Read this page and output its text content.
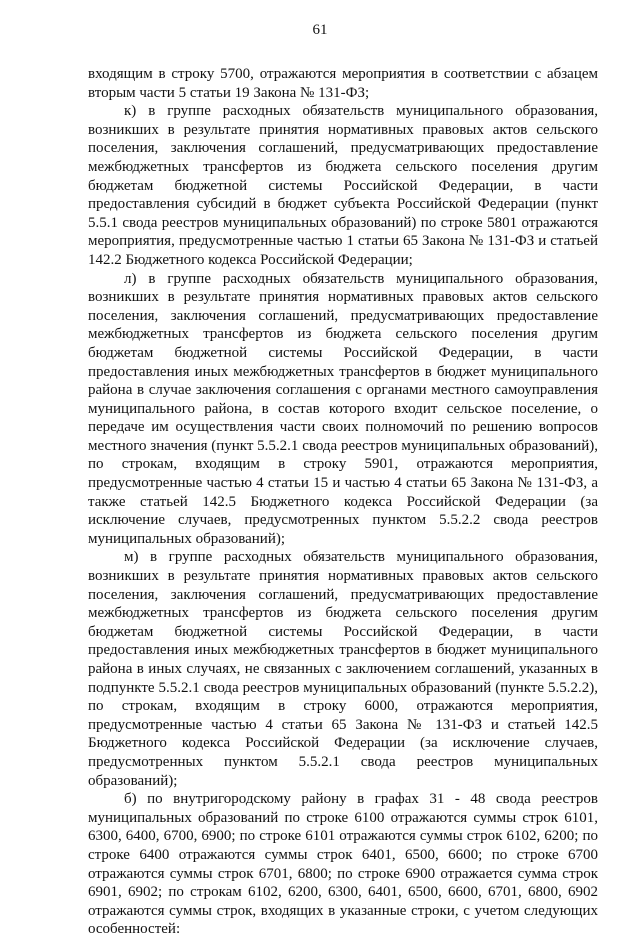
61

входящим в строку 5700, отражаются мероприятия в соответствии с абзацем вторым части 5 статьи 19 Закона № 131-ФЗ;

к) в группе расходных обязательств муниципального образования, возникших в результате принятия нормативных правовых актов сельского поселения, заключения соглашений, предусматривающих предоставление межбюджетных трансфертов из бюджета сельского поселения другим бюджетам бюджетной системы Российской Федерации, в части предоставления субсидий в бюджет субъекта Российской Федерации (пункт 5.5.1 свода реестров муниципальных образований) по строке 5801 отражаются мероприятия, предусмотренные частью 1 статьи 65 Закона № 131-ФЗ и статьей 142.2 Бюджетного кодекса Российской Федерации;

л) в группе расходных обязательств муниципального образования, возникших в результате принятия нормативных правовых актов сельского поселения, заключения соглашений, предусматривающих предоставление межбюджетных трансфертов из бюджета сельского поселения другим бюджетам бюджетной системы Российской Федерации, в части предоставления иных межбюджетных трансфертов в бюджет муниципального района в случае заключения соглашения с органами местного самоуправления муниципального района, в состав которого входит сельское поселение, о передаче им осуществления части своих полномочий по решению вопросов местного значения (пункт 5.5.2.1 свода реестров муниципальных образований), по строкам, входящим в строку 5901, отражаются мероприятия, предусмотренные частью 4 статьи 15 и частью 4 статьи 65 Закона № 131-ФЗ, а также статьей 142.5 Бюджетного кодекса Российской Федерации (за исключение случаев, предусмотренных пунктом 5.5.2.2 свода реестров муниципальных образований);

м) в группе расходных обязательств муниципального образования, возникших в результате принятия нормативных правовых актов сельского поселения, заключения соглашений, предусматривающих предоставление межбюджетных трансфертов из бюджета сельского поселения другим бюджетам бюджетной системы Российской Федерации, в части предоставления иных межбюджетных трансфертов в бюджет муниципального района в иных случаях, не связанных с заключением соглашений, указанных в подпункте 5.5.2.1 свода реестров муниципальных образований (пункте 5.5.2.2), по строкам, входящим в строку 6000, отражаются мероприятия, предусмотренные частью 4 статьи 65 Закона № 131-ФЗ и статьей 142.5 Бюджетного кодекса Российской Федерации (за исключение случаев, предусмотренных пунктом 5.5.2.1 свода реестров муниципальных образований);

б) по внутригородскому району в графах 31 - 48 свода реестров муниципальных образований по строке 6100 отражаются суммы строк 6101, 6300, 6400, 6700, 6900; по строке 6101 отражаются суммы строк 6102, 6200; по строке 6400 отражаются суммы строк 6401, 6500, 6600; по строке 6700 отражаются суммы строк 6701, 6800; по строке 6900 отражается сумма строк 6901, 6902; по строкам 6102, 6200, 6300, 6401, 6500, 6600, 6701, 6800, 6902 отражаются суммы строк, входящих в указанные строки, с учетом следующих особенностей:
